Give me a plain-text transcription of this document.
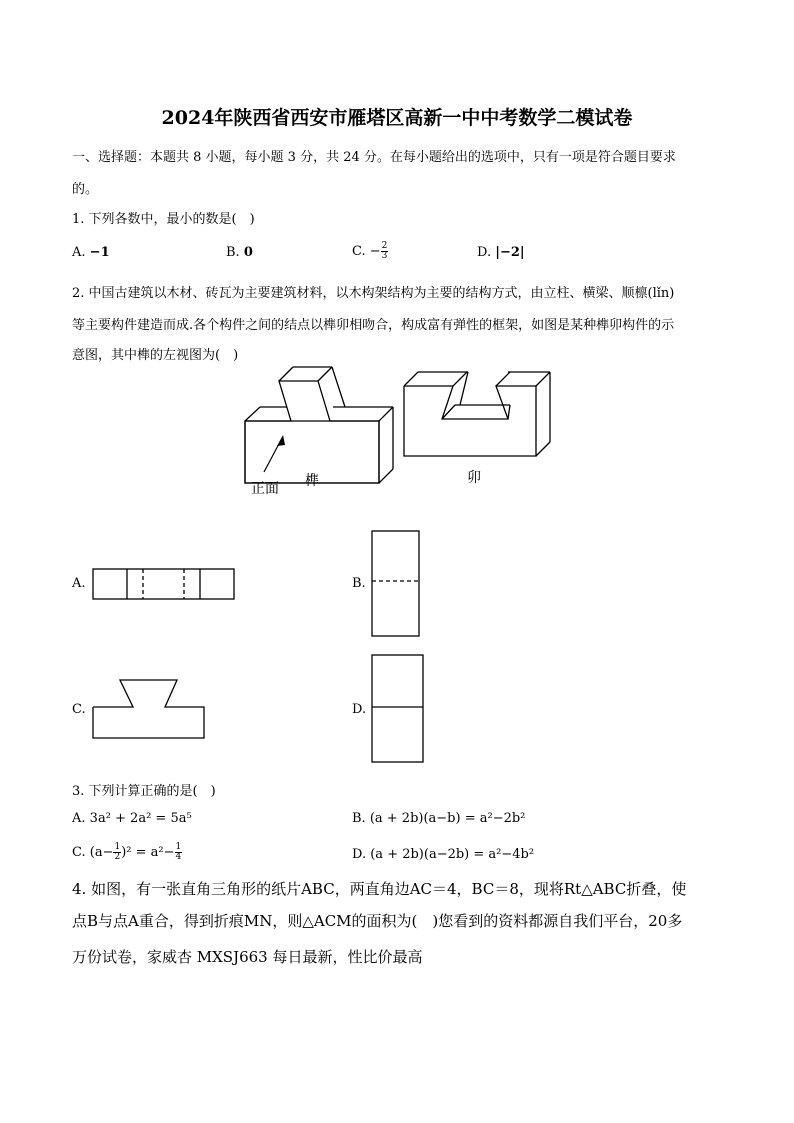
2024年陕西省西安市雁塔区高新一中中考数学二模试卷
一、选择题：本题共 8 小题，每小题 3 分，共 24 分。在每小题给出的选项中，只有一项是符合题目要求
的。
1. 下列各数中，最小的数是(　)
A. −1	B. 0	C. − $\frac{2}{3}$	D. |−2|
2. 中国古建筑以木材、砖瓦为主要建筑材料，以木构架结构为主要的结构方式，由立柱、横梁、顺檩(lǐn)
等主要构件建造而成.各个构件之间的结点以榫卯相吻合，构成富有弹性的框架，如图是某种榫卯构件的示
意图，其中榫的左视图为(　)
正面 榫	卯
A.	B.
C.	D.
3. 下列计算正确的是(　)
A. 3a² + 2a² = 5a⁵	B. (a + 2b)(a−b) = a²−2b²
C. $(a- \frac{1}{2} )^2 = a^2- \frac{1}{4}$	D. (a + 2b)(a−2b) = a²−4b²
4. 如图，有一张直角三角形的纸片ABC，两直角边AC＝4，BC＝8，现将Rt△ABC折叠，使
点B与点A重合，得到折痕MN，则△ACM的面积为(　)您看到的资料都源自我们平台，20多
万份试卷，家威杏 MXSJ663 每日最新，性比价最高
